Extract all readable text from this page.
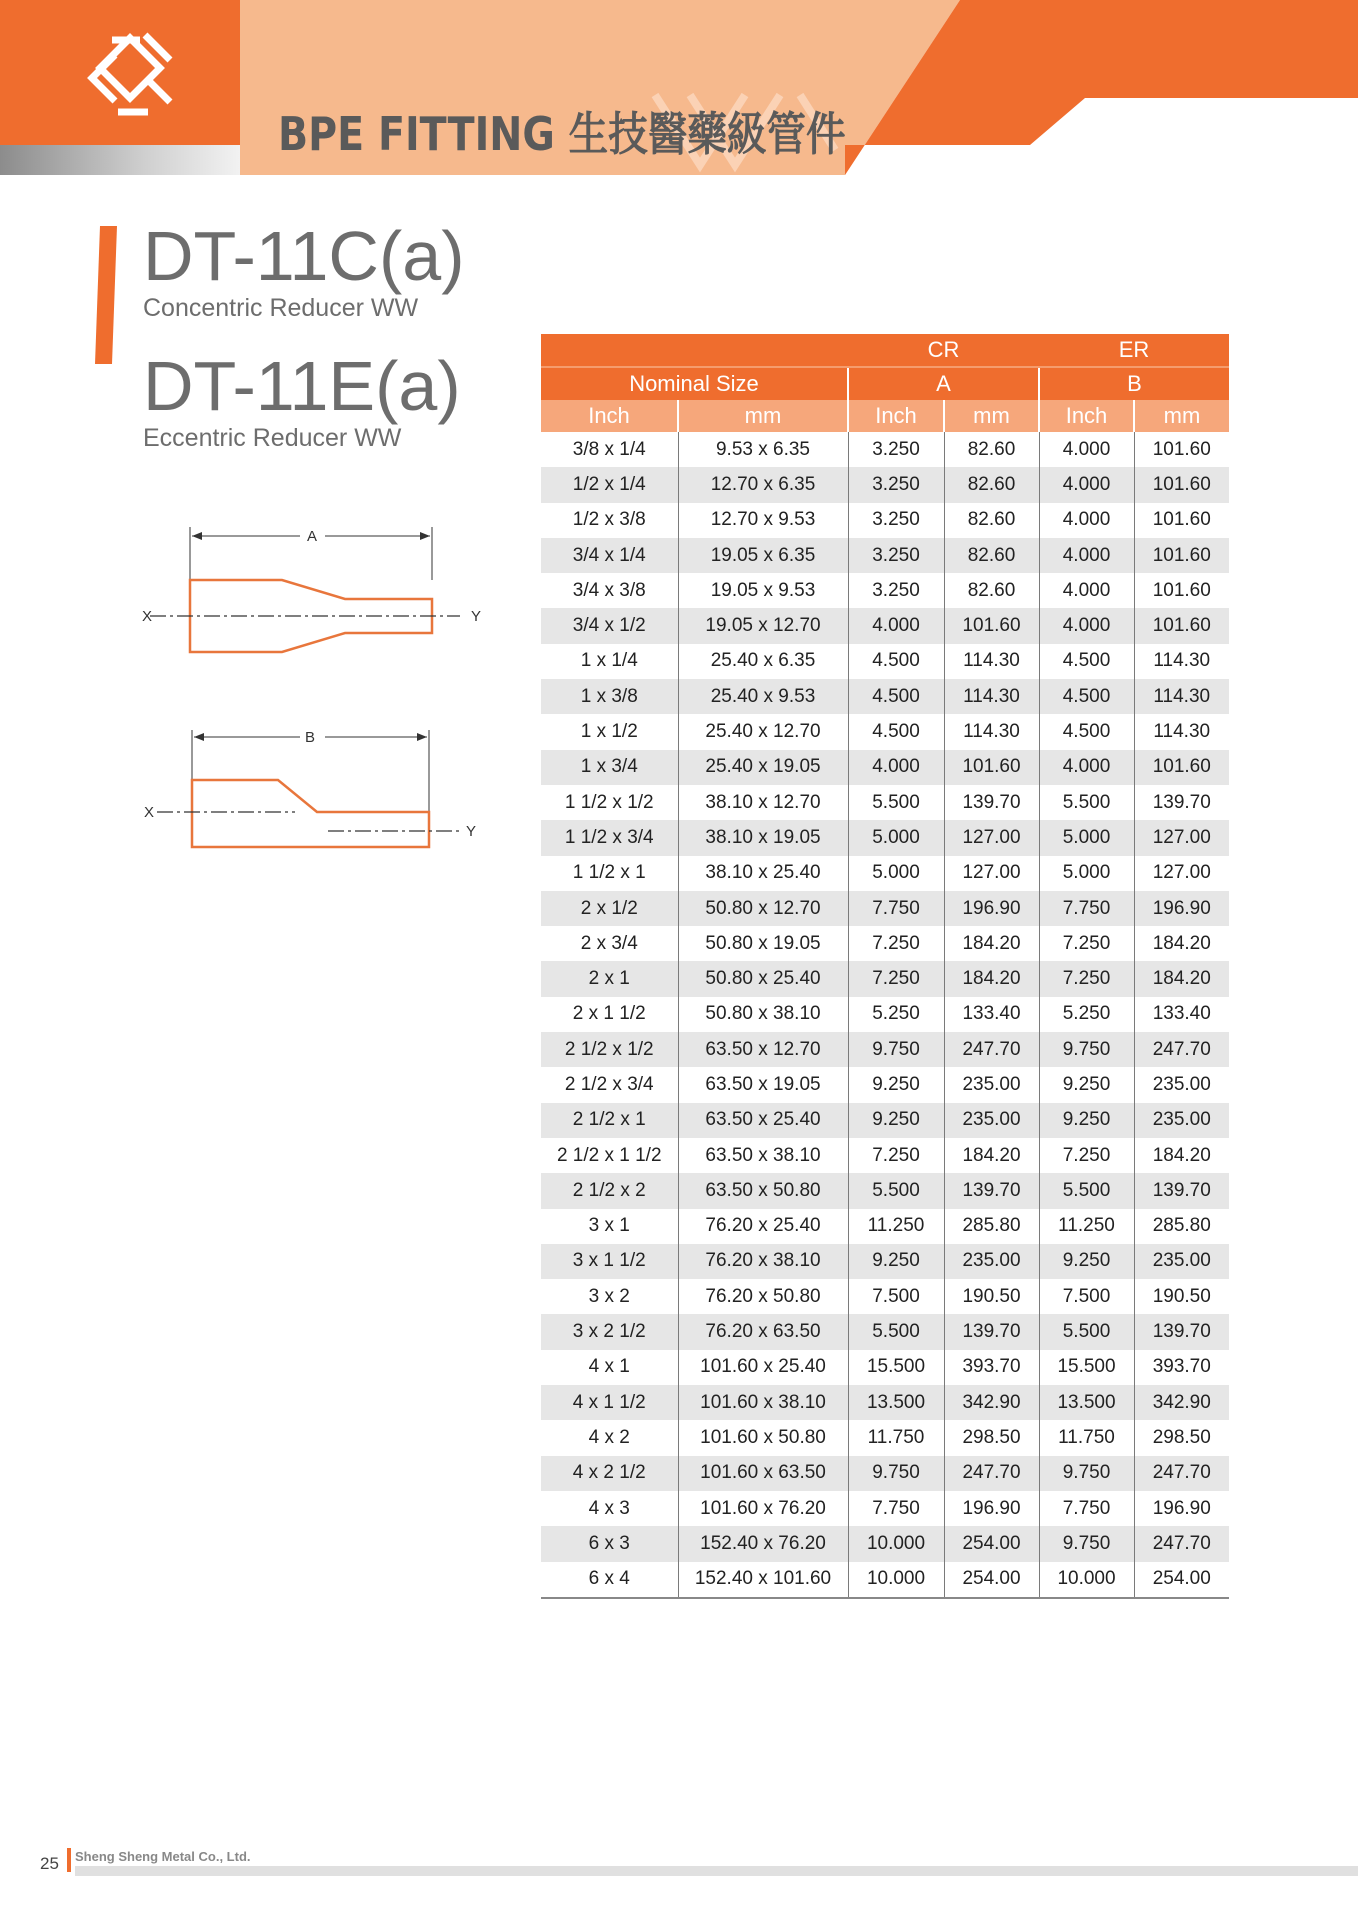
BPE FITTING 生技醫藥級管件
DT-11C(a)
Concentric Reducer WW
DT-11E(a)
Eccentric Reducer WW
A
X	Y
B
X
Y
		CR		ER	
Nominal Size		A		B	
Inch	mm	Inch	mm	Inch	mm
3/8 x 1/4	9.53 x 6.35	3.250	82.60	4.000	101.60
1/2 x 1/4	12.70 x 6.35	3.250	82.60	4.000	101.60
1/2 x 3/8	12.70 x 9.53	3.250	82.60	4.000	101.60
3/4 x 1/4	19.05 x 6.35	3.250	82.60	4.000	101.60
3/4 x 3/8	19.05 x 9.53	3.250	82.60	4.000	101.60
3/4 x 1/2	19.05 x 12.70	4.000	101.60	4.000	101.60
1 x 1/4	25.40 x 6.35	4.500	114.30	4.500	114.30
1 x 3/8	25.40 x 9.53	4.500	114.30	4.500	114.30
1 x 1/2	25.40 x 12.70	4.500	114.30	4.500	114.30
1 x 3/4	25.40 x 19.05	4.000	101.60	4.000	101.60
1 1/2 x 1/2	38.10 x 12.70	5.500	139.70	5.500	139.70
1 1/2 x 3/4	38.10 x 19.05	5.000	127.00	5.000	127.00
1 1/2 x 1	38.10 x 25.40	5.000	127.00	5.000	127.00
2 x 1/2	50.80 x 12.70	7.750	196.90	7.750	196.90
2 x 3/4	50.80 x 19.05	7.250	184.20	7.250	184.20
2 x 1	50.80 x 25.40	7.250	184.20	7.250	184.20
2 x 1 1/2	50.80 x 38.10	5.250	133.40	5.250	133.40
2 1/2 x 1/2	63.50 x 12.70	9.750	247.70	9.750	247.70
2 1/2 x 3/4	63.50 x 19.05	9.250	235.00	9.250	235.00
2 1/2 x 1	63.50 x 25.40	9.250	235.00	9.250	235.00
2 1/2 x 1 1/2	63.50 x 38.10	7.250	184.20	7.250	184.20
2 1/2 x 2	63.50 x 50.80	5.500	139.70	5.500	139.70
3 x 1	76.20 x 25.40	11.250	285.80	11.250	285.80
3 x 1 1/2	76.20 x 38.10	9.250	235.00	9.250	235.00
3 x 2	76.20 x 50.80	7.500	190.50	7.500	190.50
3 x 2 1/2	76.20 x 63.50	5.500	139.70	5.500	139.70
4 x 1	101.60 x 25.40	15.500	393.70	15.500	393.70
4 x 1 1/2	101.60 x 38.10	13.500	342.90	13.500	342.90
4 x 2	101.60 x 50.80	11.750	298.50	11.750	298.50
4 x 2 1/2	101.60 x 63.50	9.750	247.70	9.750	247.70
4 x 3	101.60 x 76.20	7.750	196.90	7.750	196.90
6 x 3	152.40 x 76.20	10.000	254.00	9.750	247.70
6 x 4	152.40 x 101.60	10.000	254.00	10.000	254.00
25 Sheng Sheng Metal Co., Ltd.
